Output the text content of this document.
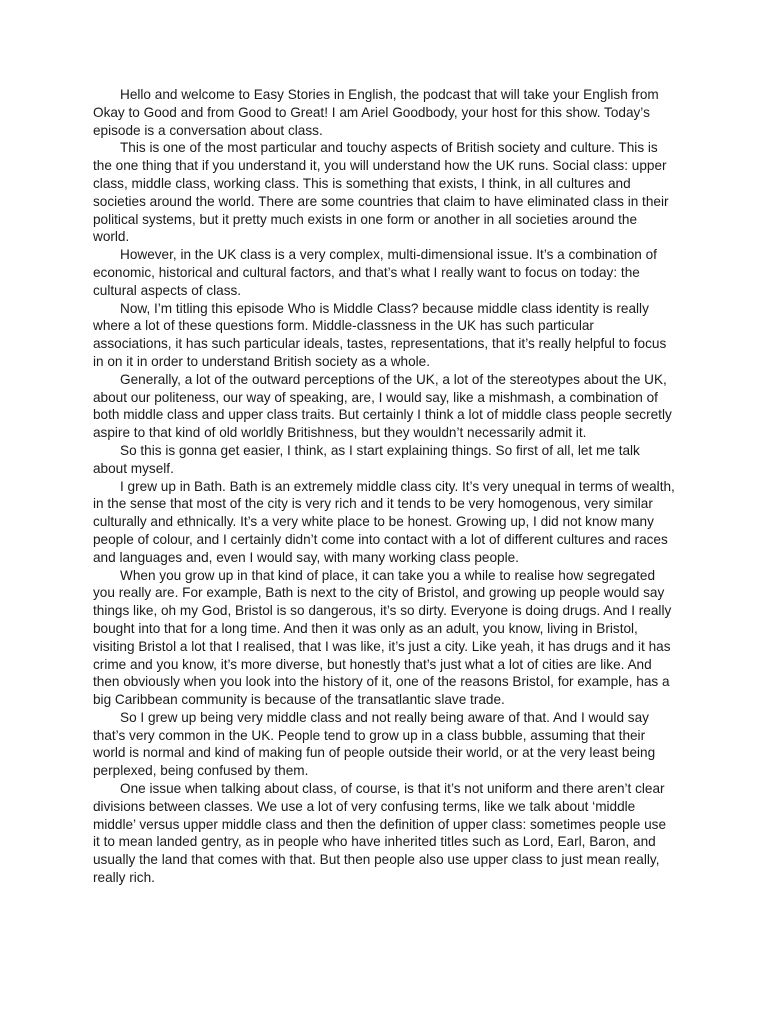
Hello and welcome to Easy Stories in English, the podcast that will take your English from Okay to Good and from Good to Great! I am Ariel Goodbody, your host for this show. Today’s episode is a conversation about class.

This is one of the most particular and touchy aspects of British society and culture. This is the one thing that if you understand it, you will understand how the UK runs. Social class: upper class, middle class, working class. This is something that exists, I think, in all cultures and societies around the world. There are some countries that claim to have eliminated class in their political systems, but it pretty much exists in one form or another in all societies around the world.

However, in the UK class is a very complex, multi-dimensional issue. It’s a combination of economic, historical and cultural factors, and that’s what I really want to focus on today: the cultural aspects of class.

Now, I’m titling this episode Who is Middle Class? because middle class identity is really where a lot of these questions form. Middle-classness in the UK has such particular associations, it has such particular ideals, tastes, representations, that it’s really helpful to focus in on it in order to understand British society as a whole.

Generally, a lot of the outward perceptions of the UK, a lot of the stereotypes about the UK, about our politeness, our way of speaking, are, I would say, like a mishmash, a combination of both middle class and upper class traits. But certainly I think a lot of middle class people secretly aspire to that kind of old worldly Britishness, but they wouldn’t necessarily admit it.

So this is gonna get easier, I think, as I start explaining things. So first of all, let me talk about myself.

I grew up in Bath. Bath is an extremely middle class city. It’s very unequal in terms of wealth, in the sense that most of the city is very rich and it tends to be very homogenous, very similar culturally and ethnically. It’s a very white place to be honest. Growing up, I did not know many people of colour, and I certainly didn’t come into contact with a lot of different cultures and races and languages and, even I would say, with many working class people.

When you grow up in that kind of place, it can take you a while to realise how segregated you really are. For example, Bath is next to the city of Bristol, and growing up people would say things like, oh my God, Bristol is so dangerous, it’s so dirty. Everyone is doing drugs. And I really bought into that for a long time. And then it was only as an adult, you know, living in Bristol, visiting Bristol a lot that I realised, that I was like, it’s just a city. Like yeah, it has drugs and it has crime and you know, it’s more diverse, but honestly that’s just what a lot of cities are like. And then obviously when you look into the history of it, one of the reasons Bristol, for example, has a big Caribbean community is because of the transatlantic slave trade.

So I grew up being very middle class and not really being aware of that. And I would say that’s very common in the UK. People tend to grow up in a class bubble, assuming that their world is normal and kind of making fun of people outside their world, or at the very least being perplexed, being confused by them.

One issue when talking about class, of course, is that it’s not uniform and there aren’t clear divisions between classes. We use a lot of very confusing terms, like we talk about ‘middle middle’ versus upper middle class and then the definition of upper class: sometimes people use it to mean landed gentry, as in people who have inherited titles such as Lord, Earl, Baron, and usually the land that comes with that. But then people also use upper class to just mean really, really rich.
